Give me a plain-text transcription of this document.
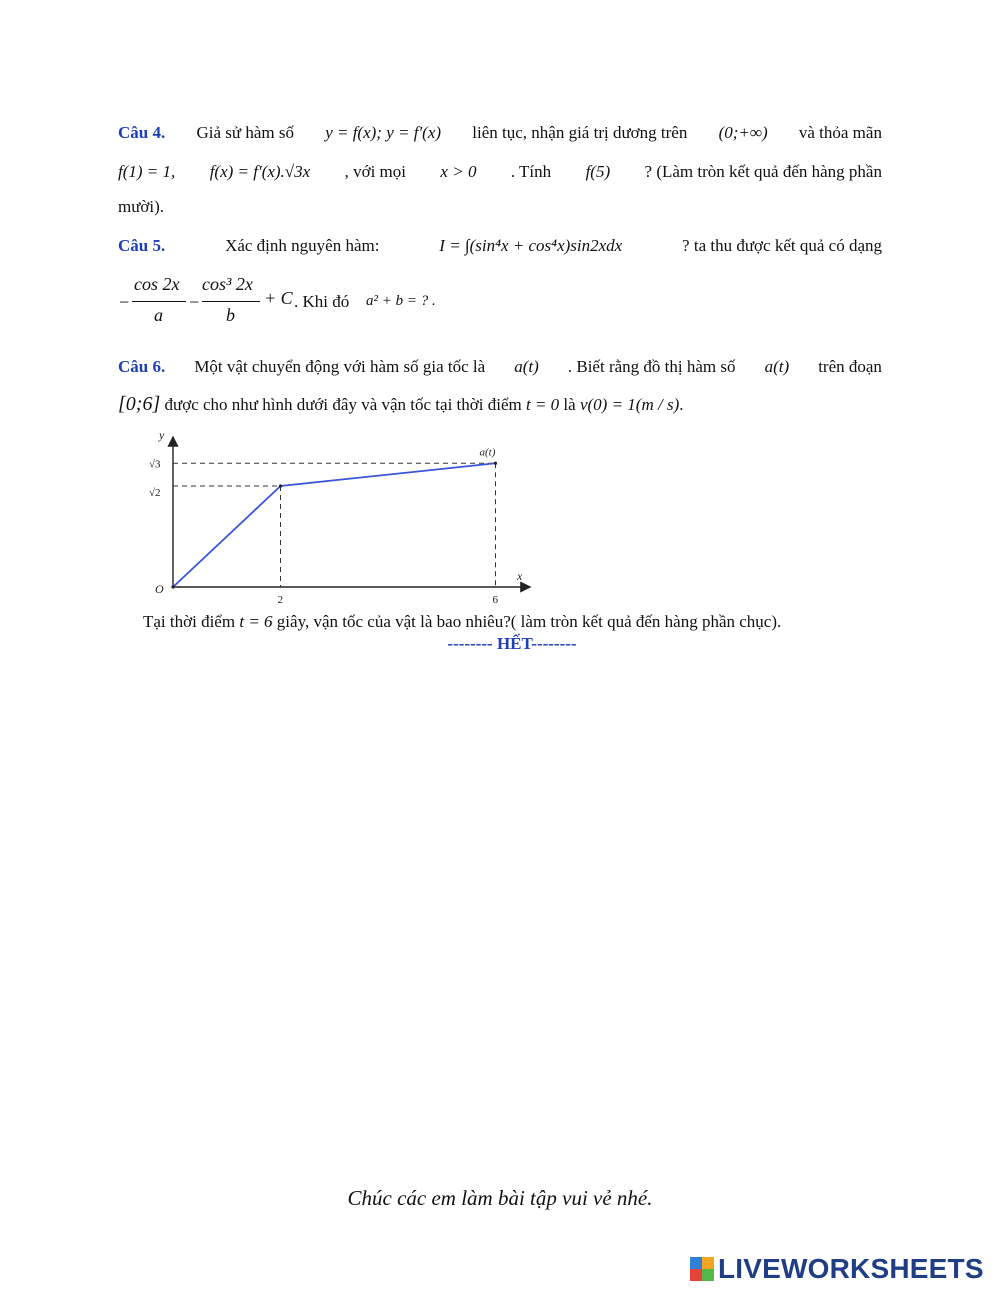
Câu 4. Giả sử hàm số y = f(x); y = f′(x) liên tục, nhận giá trị dương trên (0;+∞) và thỏa mãn
f(1) = 1, f(x) = f′(x).√3x , với mọi x > 0 . Tính f(5) ? (Làm tròn kết quả đến hàng phần
mười).
Câu 5.	Xác định nguyên hàm:	I = ∫(sin⁴x + cos⁴x)sin2xdx	? ta thu được kết quả có dạng
−
cos 2x
a
−
cos³ 2x
b
+ C . Khi đó a² + b = ? .
Câu 6. Một vật chuyển động với hàm số gia tốc là a(t) . Biết rằng đồ thị hàm số a(t) trên đoạn
[0;6] được cho như hình dưới đây và vận tốc tại thời điểm t = 0 là v(0) = 1(m / s).
y
x
O
2	6
√2
√3
a(t)
Tại thời điểm t = 6 giây, vận tốc của vật là bao nhiêu?( làm tròn kết quả đến hàng phần chục).
-------- HẾT--------
Chúc các em làm bài tập vui vẻ nhé.
LIVEWORKSHEETS
